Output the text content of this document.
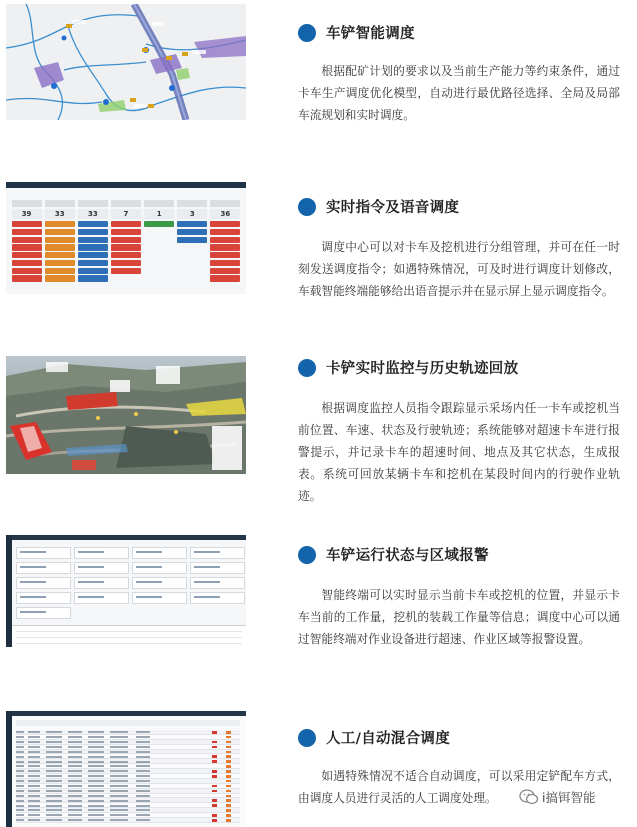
车铲智能调度
根据配矿计划的要求以及当前生产能力等约束条件，通过卡车生产调度优化模型，自动进行最优路径选择、全局及局部车流规划和实时调度。
39	33	33	7	1	3	36	实时指令及语音调度
调度中心可以对卡车及挖机进行分组管理，并可在任一时刻发送调度指令；如遇特殊情况，可及时进行调度计划修改，车载智能终端能够给出语音提示并在显示屏上显示调度指令。
卡铲实时监控与历史轨迹回放
根据调度监控人员指令跟踪显示采场内任一卡车或挖机当前位置、车速、状态及行驶轨迹；系统能够对超速卡车进行报警提示，并记录卡车的超速时间、地点及其它状态，生成报表。系统可回放某辆卡车和挖机在某段时间内的行驶作业轨迹。
车铲运行状态与区域报警
智能终端可以实时显示当前卡车或挖机的位置，并显示卡车当前的工作量，挖机的装载工作量等信息；调度中心可以通过智能终端对作业设备进行超速、作业区域等报警设置。
人工/自动混合调度
如遇特殊情况不适合自动调度，可以采用定铲配车方式，由调度人员进行灵活的人工调度处理。	i搞铒智能
